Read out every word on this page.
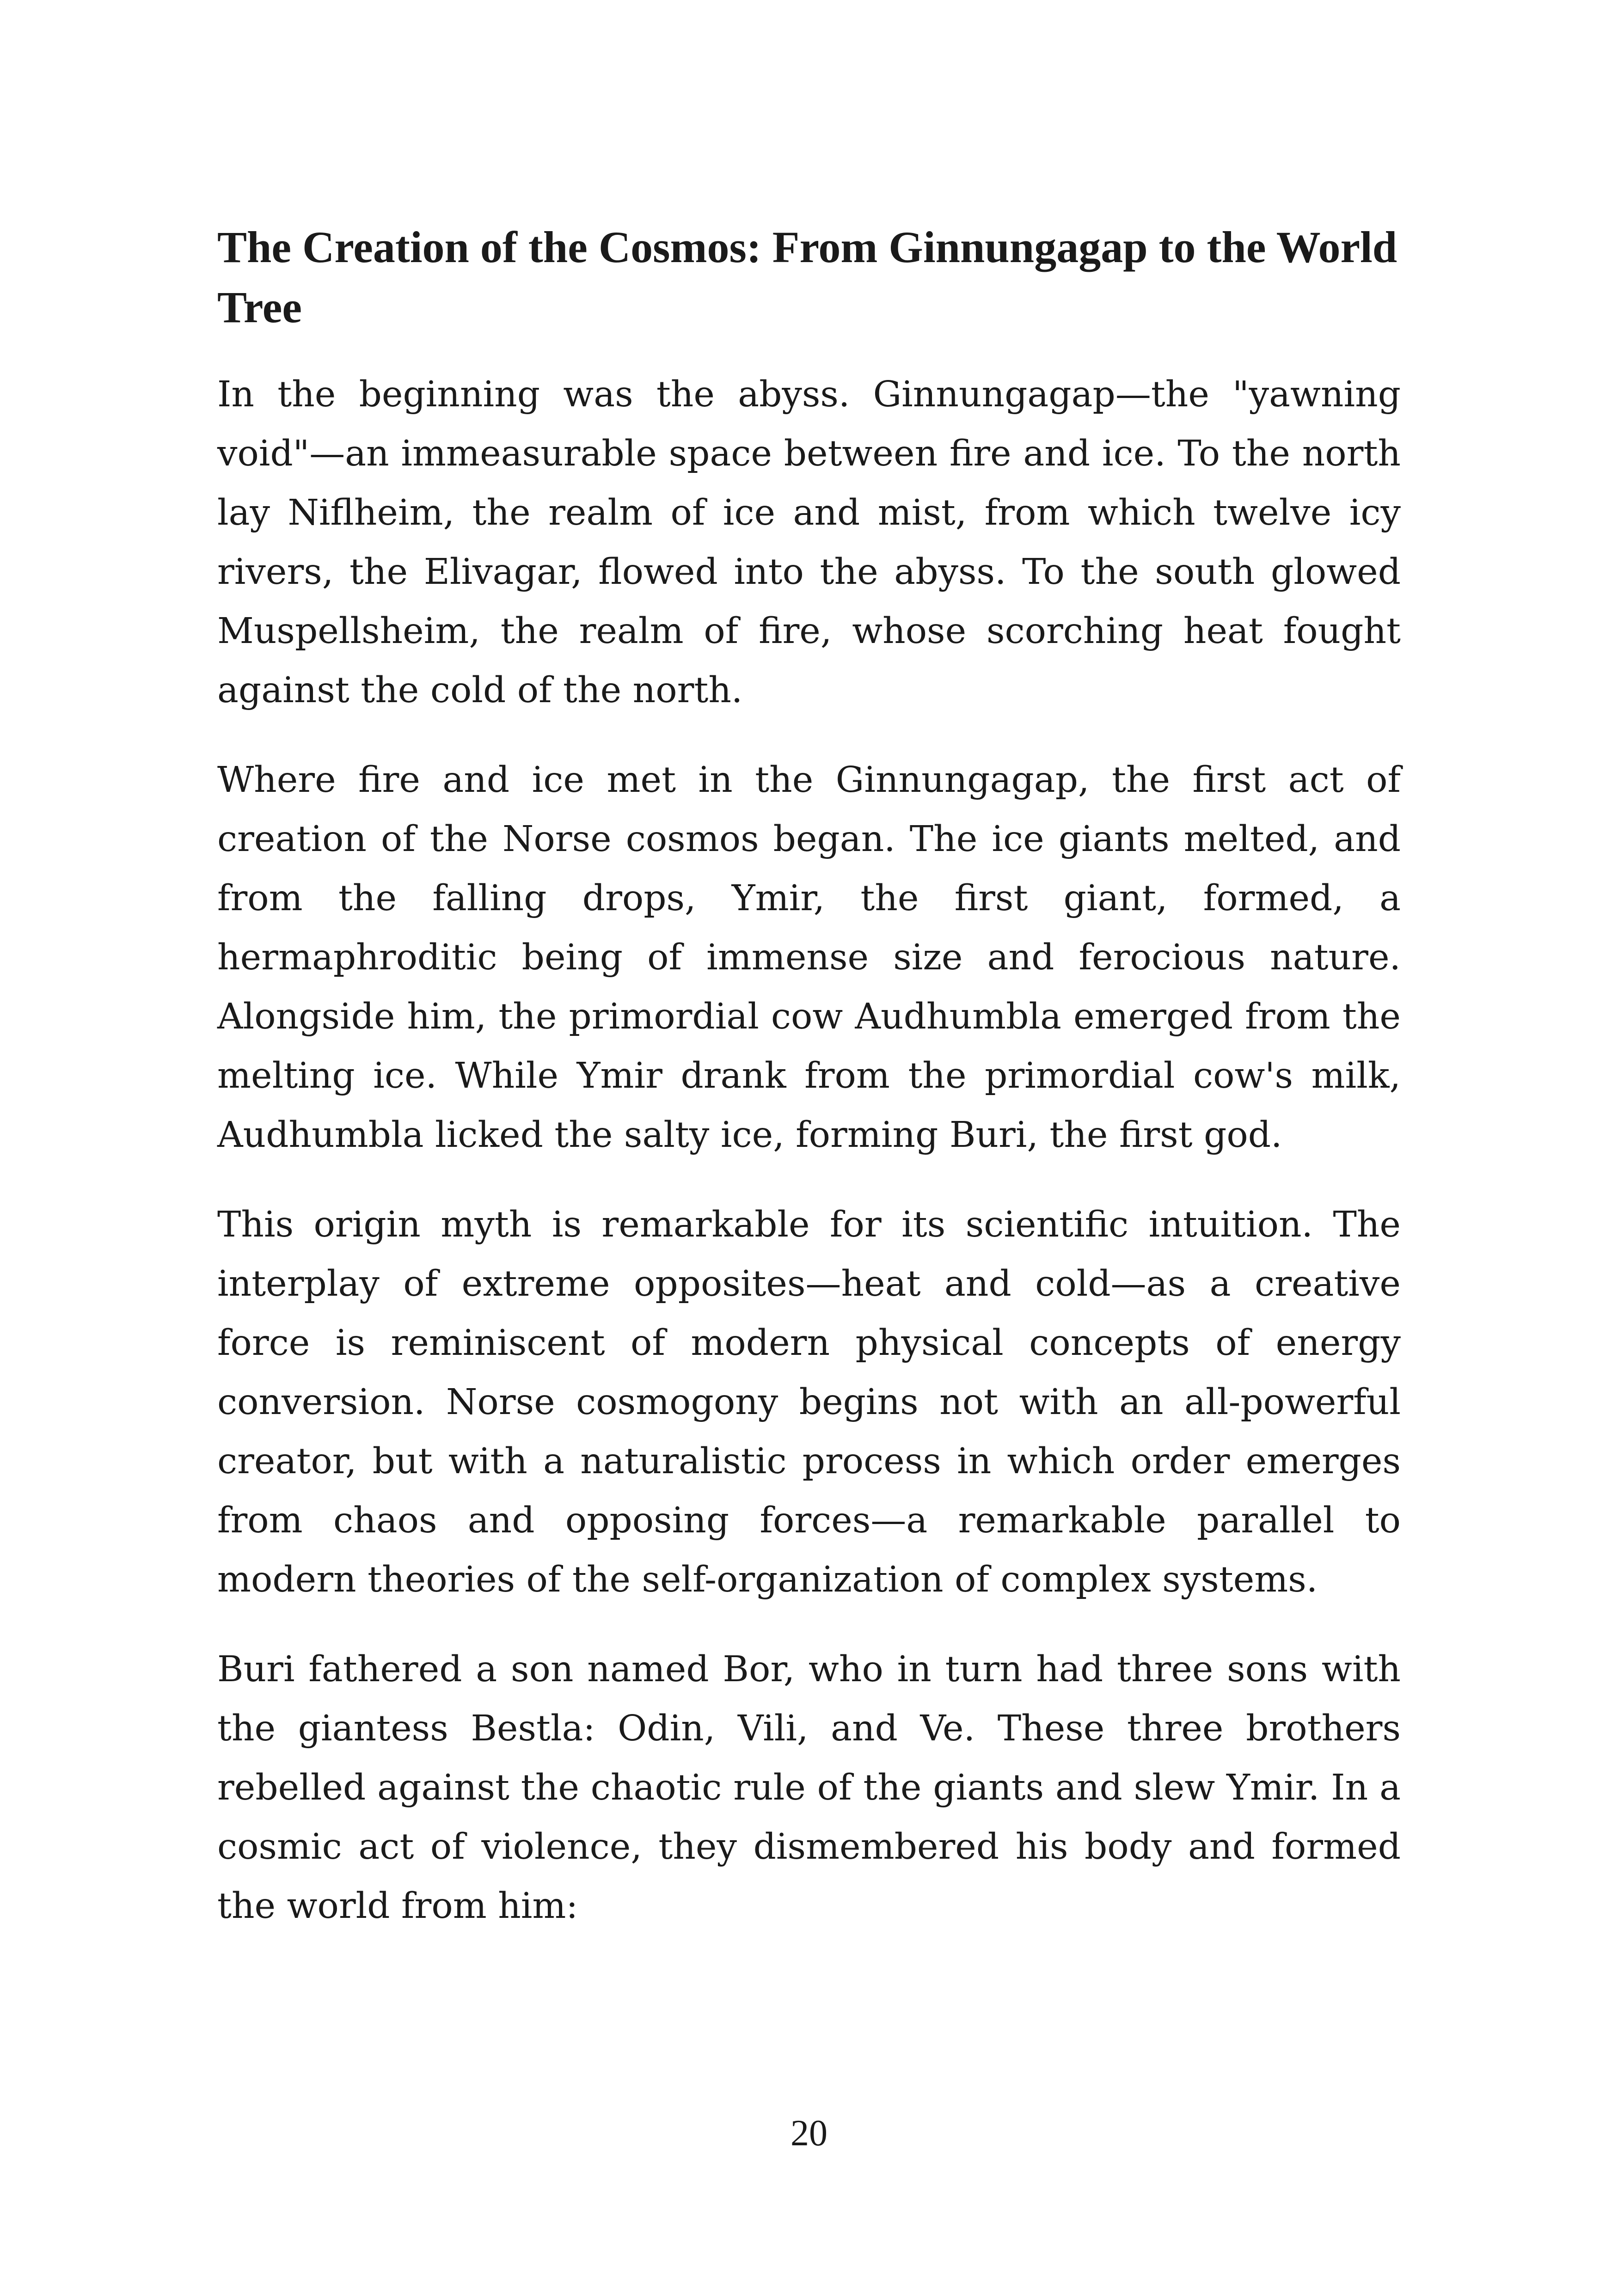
The Creation of the Cosmos: From Ginnungagap to the World Tree

In the beginning was the abyss. Ginnungagap—the "yawning void"—an immeasurable space between fire and ice. To the north lay Niflheim, the realm of ice and mist, from which twelve icy rivers, the Elivagar, flowed into the abyss. To the south glowed Muspellsheim, the realm of fire, whose scorching heat fought against the cold of the north.

Where fire and ice met in the Ginnungagap, the first act of creation of the Norse cosmos began. The ice giants melted, and from the falling drops, Ymir, the first giant, formed, a hermaphroditic being of immense size and ferocious nature. Alongside him, the primordial cow Audhumbla emerged from the melting ice. While Ymir drank from the primordial cow's milk, Audhumbla licked the salty ice, forming Buri, the first god.

This origin myth is remarkable for its scientific intuition. The interplay of extreme opposites—heat and cold—as a creative force is reminiscent of modern physical concepts of energy conversion. Norse cosmogony begins not with an all-powerful creator, but with a naturalistic process in which order emerges from chaos and opposing forces—a remarkable parallel to modern theories of the self-organization of complex systems.

Buri fathered a son named Bor, who in turn had three sons with the giantess Bestla: Odin, Vili, and Ve. These three brothers rebelled against the chaotic rule of the giants and slew Ymir. In a cosmic act of violence, they dismembered his body and formed the world from him:

20
